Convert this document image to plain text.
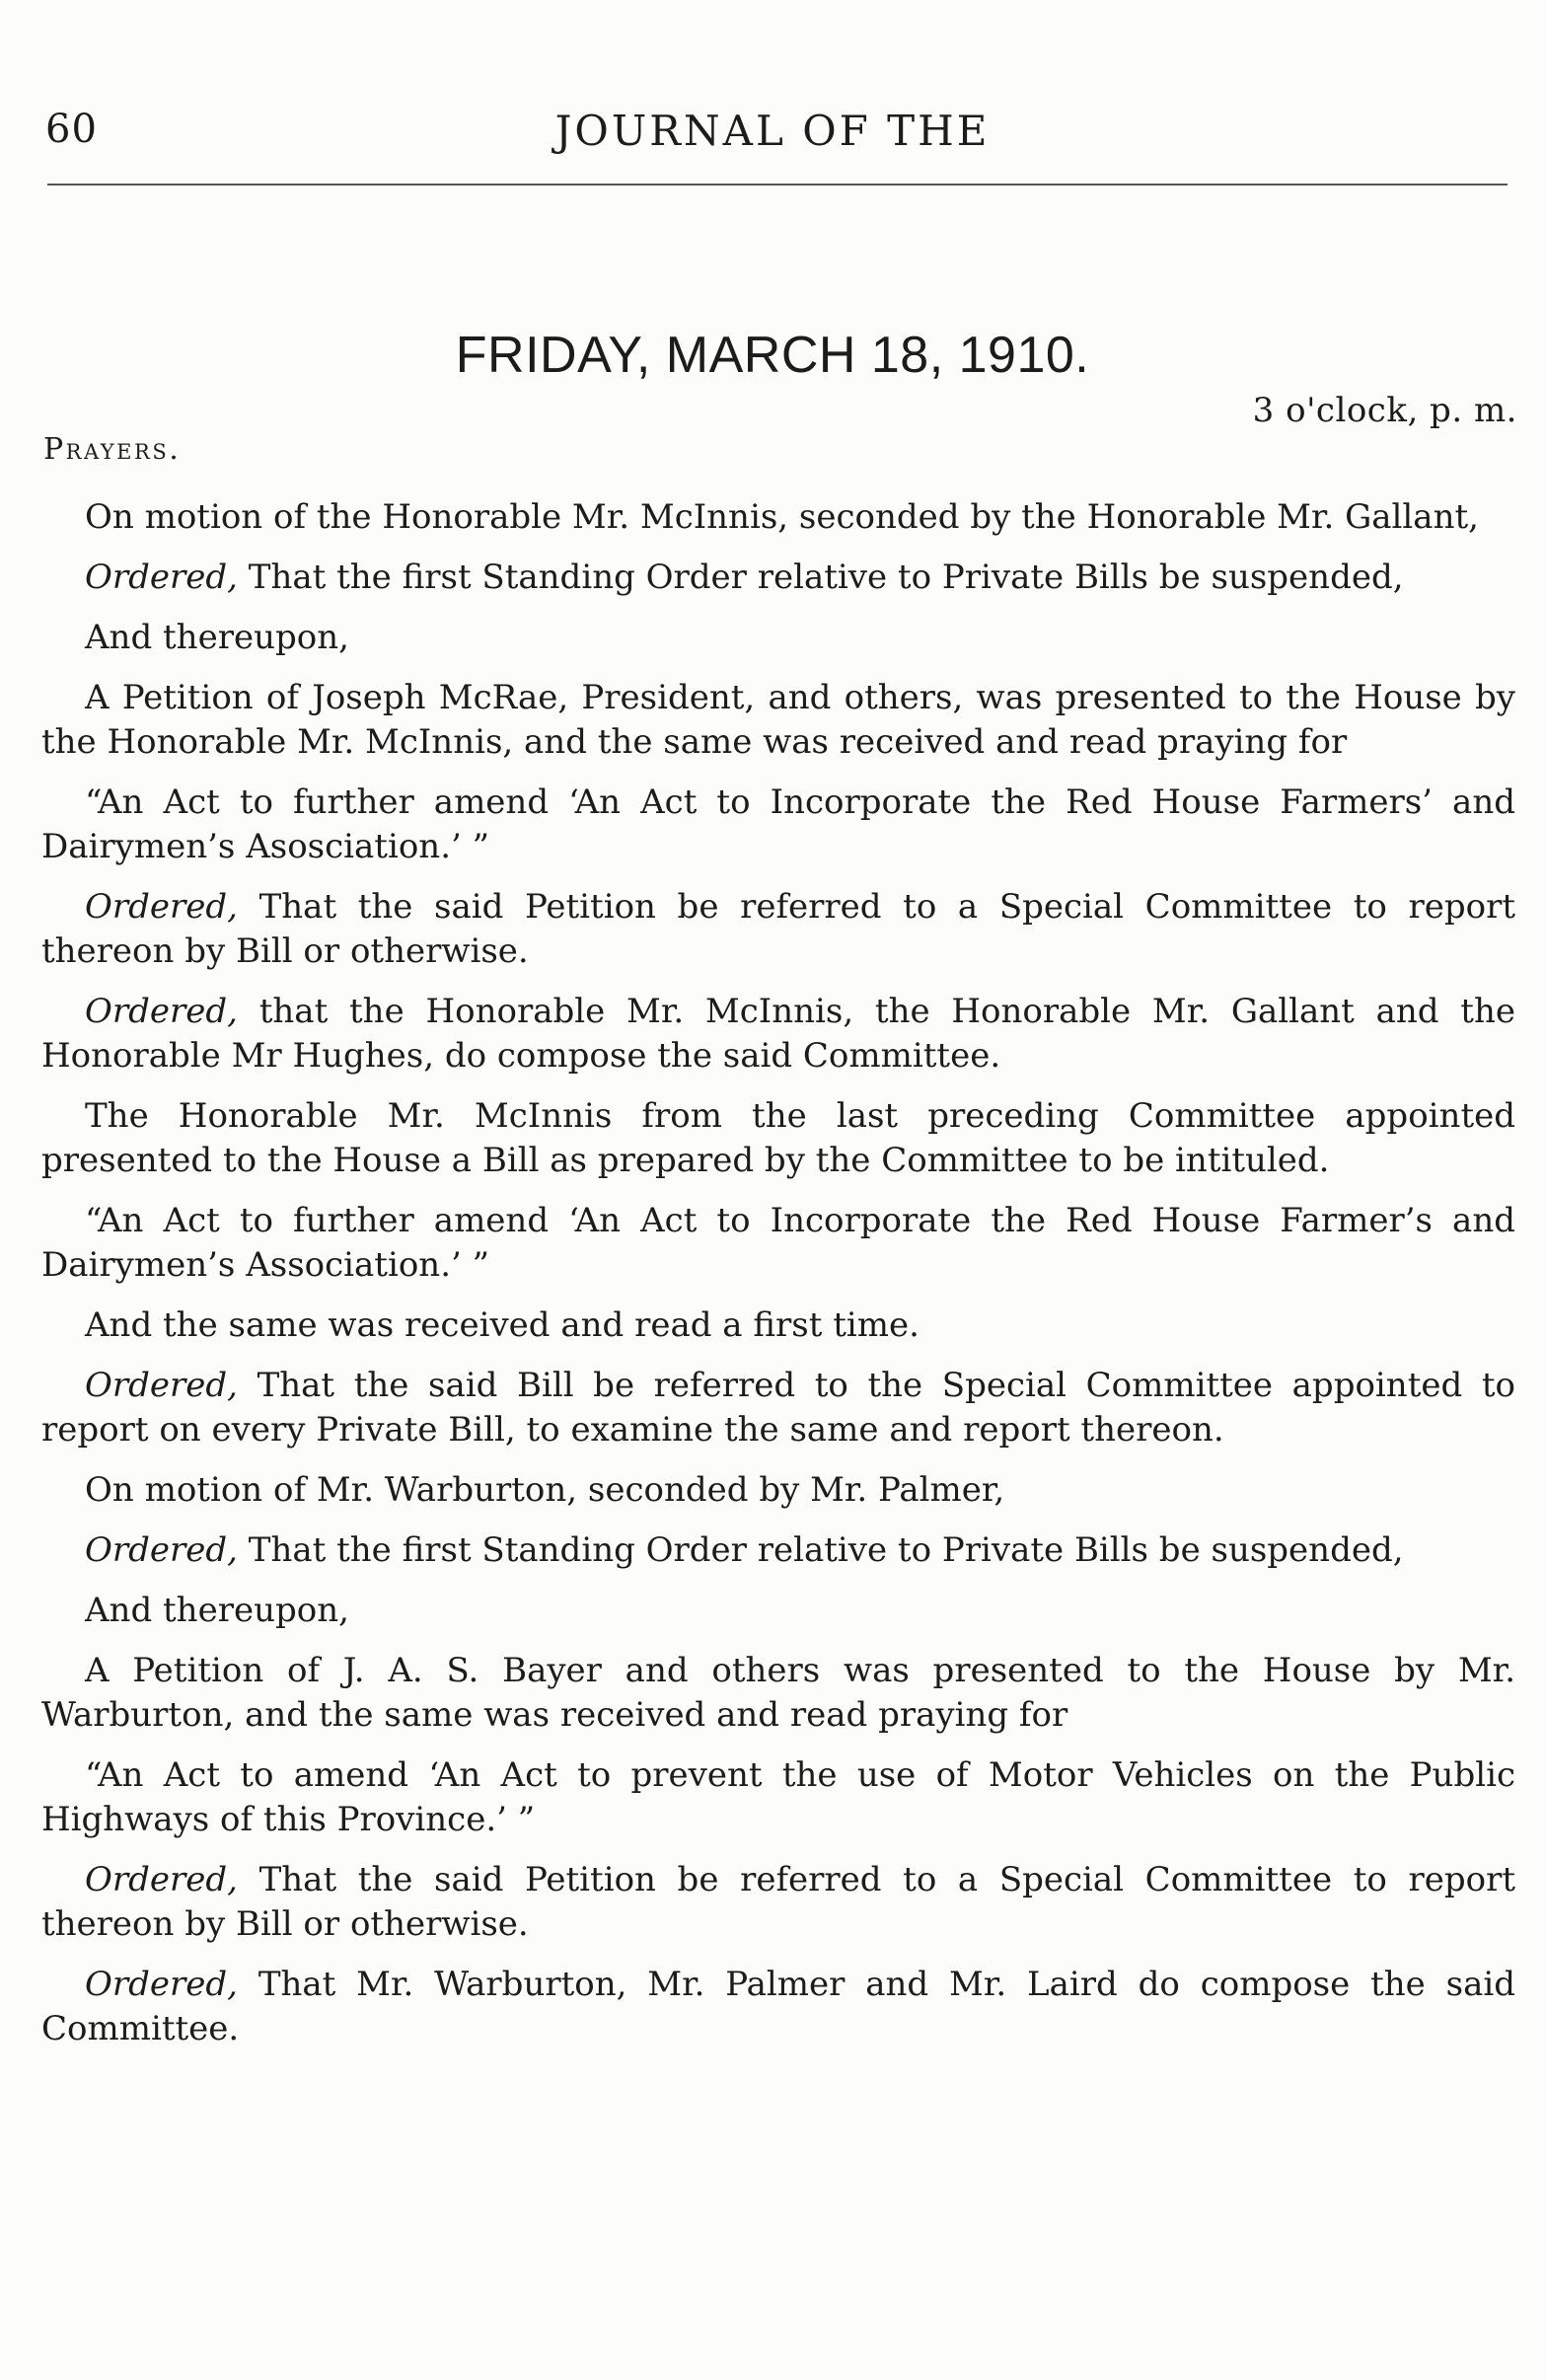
60	JOURNAL OF THE
FRIDAY, MARCH 18, 1910.
3 o'clock, p. m.
Prayers.

On motion of the Honorable Mr. McInnis, seconded by the Honorable Mr. Gallant,

Ordered, That the first Standing Order relative to Private Bills be suspended,

And thereupon,

A Petition of Joseph McRae, President, and others, was presented to the House by the Honorable Mr. McInnis, and the same was received and read praying for

“An Act to further amend ‘An Act to Incorporate the Red House Farmers’ and Dairymen’s Asosciation.’ ”

Ordered, That the said Petition be referred to a Special Committee to report thereon by Bill or otherwise.

Ordered, that the Honorable Mr. McInnis, the Honorable Mr. Gallant and the Honorable Mr Hughes, do compose the said Committee.

The Honorable Mr. McInnis from the last preceding Committee appointed presented to the House a Bill as prepared by the Committee to be intituled.

“An Act to further amend ‘An Act to Incorporate the Red House Farmer’s and Dairymen’s Association.’ ”

And the same was received and read a first time.

Ordered, That the said Bill be referred to the Special Committee appointed to report on every Private Bill, to examine the same and report thereon.

On motion of Mr. Warburton, seconded by Mr. Palmer,

Ordered, That the first Standing Order relative to Private Bills be suspended,

And thereupon,

A Petition of J. A. S. Bayer and others was presented to the House by Mr. Warburton, and the same was received and read praying for

“An Act to amend ‘An Act to prevent the use of Motor Vehicles on the Public Highways of this Province.’ ”

Ordered, That the said Petition be referred to a Special Committee to report thereon by Bill or otherwise.

Ordered, That Mr. Warburton, Mr. Palmer and Mr. Laird do compose the said Committee.
